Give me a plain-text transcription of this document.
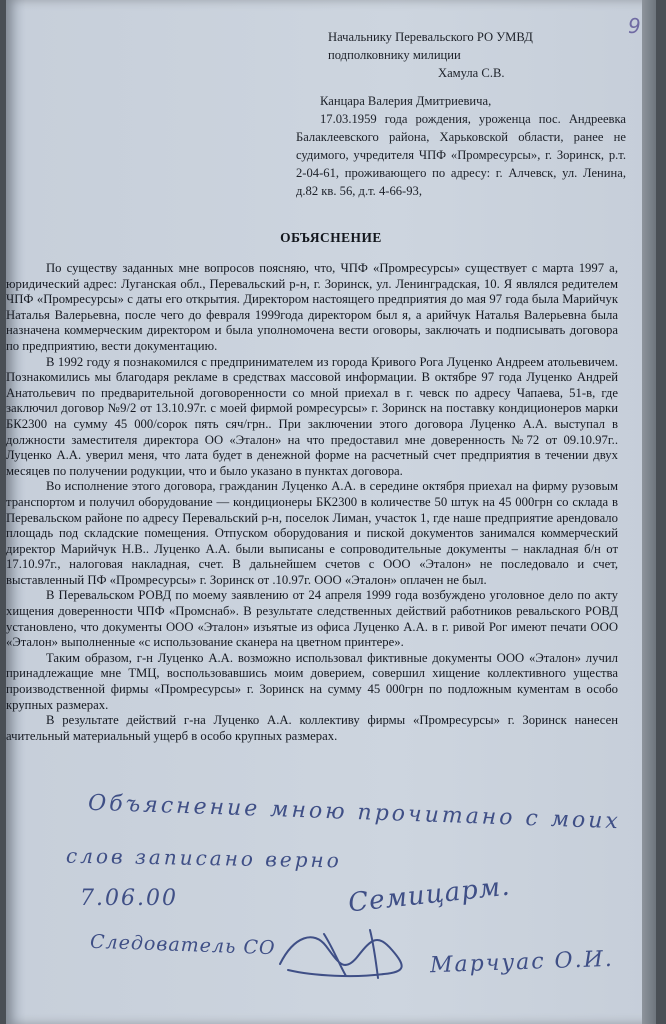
9
Начальнику Перевальского РО УМВД
подполковнику милиции
Хамула С.В.
Канцара Валерия Дмитриевича,
17.03.1959 года рождения, уроженца пос. Андреевка Балаклеевского района, Харьковской области, ранее не судимого, учредителя ЧПФ «Промресурсы», г. Зоринск, р.т. 2-04-61, проживающего по адресу: г. Алчевск, ул. Ленина, д.82 кв. 56, д.т. 4-66-93,
ОБЪЯСНЕНИЕ

По существу заданных мне вопросов поясняю, что, ЧПФ «Промресурсы» существует с марта 1997 а, юридический адрес: Луганская обл., Перевальский р-н, г. Зоринск, ул. Ленинградская, 10. Я являлся редителем ЧПФ «Промресурсы» с даты его открытия. Директором настоящего предприятия до мая 97 года была Марийчук Наталья Валерьевна, после чего до февраля 1999года директором был я, а арийчук Наталья Валерьевна была назначена коммерческим директором и была уполномочена вести оговоры, заключать и подписывать договора по предприятию, вести документацию.

В 1992 году я познакомился с предпринимателем из города Кривого Рога Луценко Андреем атольевичем. Познакомились мы благодаря рекламе в средствах массовой информации. В октябре 97 года Луценко Андрей Анатольевич по предварительной договоренности со мной приехал в г. чевск по адресу Чапаева, 51-в, где заключил договор №9/2 от 13.10.97г. с моей фирмой ромресурсы» г. Зоринск на поставку кондиционеров марки БК2300 на сумму 45 000/сорок пять сяч/грн.. При заключении этого договора Луценко А.А. выступал в должности заместителя директора ОО «Эталон» на что предоставил мне доверенность №72 от 09.10.97г.. Луценко А.А. уверил меня, что лата будет в денежной форме на расчетный счет предприятия в течении двух месяцев по получении родукции, что и было указано в пунктах договора.

Во исполнение этого договора, гражданин Луценко А.А. в середине октября приехал на фирму рузовым транспортом и получил оборудование — кондиционеры БК2300 в количестве 50 штук на 45 000грн со склада в Перевальском районе по адресу Перевальский р-н, поселок Лиман, участок 1, где наше предприятие арендовало площадь под складские помещения. Отпуском оборудования и пиской документов занимался коммерческий директор Марийчук Н.В.. Луценко А.А. были выписаны е сопроводительные документы – накладная б/н от 17.10.97г., налоговая накладная, счет. В дальнейшем счетов с ООО «Эталон» не последовало и счет, выставленный ПФ «Промресурсы» г. Зоринск от .10.97г. ООО «Эталон» оплачен не был.

В Перевальском РОВД по моему заявлению от 24 апреля 1999 года возбуждено уголовное дело по акту хищения доверенности ЧПФ «Промснаб». В результате следственных действий работников ревальского РОВД установлено, что документы ООО «Эталон» изъятые из офиса Луценко А.А. в г. ривой Рог имеют печати ООО «Эталон» выполненные «с использование сканера на цветном принтере».

Таким образом, г-н Луценко А.А. возможно использовал фиктивные документы ООО «Эталон» лучил принадлежащие мне ТМЦ, воспользовавшись моим доверием, совершил хищение коллективного ущества производственной фирмы «Промресурсы» г. Зоринск на сумму 45 000грн по подложным кументам в особо крупных размерах.

В результате действий г-на Луценко А.А. коллективу фирмы «Промресурсы» г. Зоринск нанесен ачительный материальный ущерб в особо крупных размерах.

Объяснение мною прочитано с моих
слов записано верно
7.06.00	Семицарм.
Следователь СО
Марчуас О.И.
